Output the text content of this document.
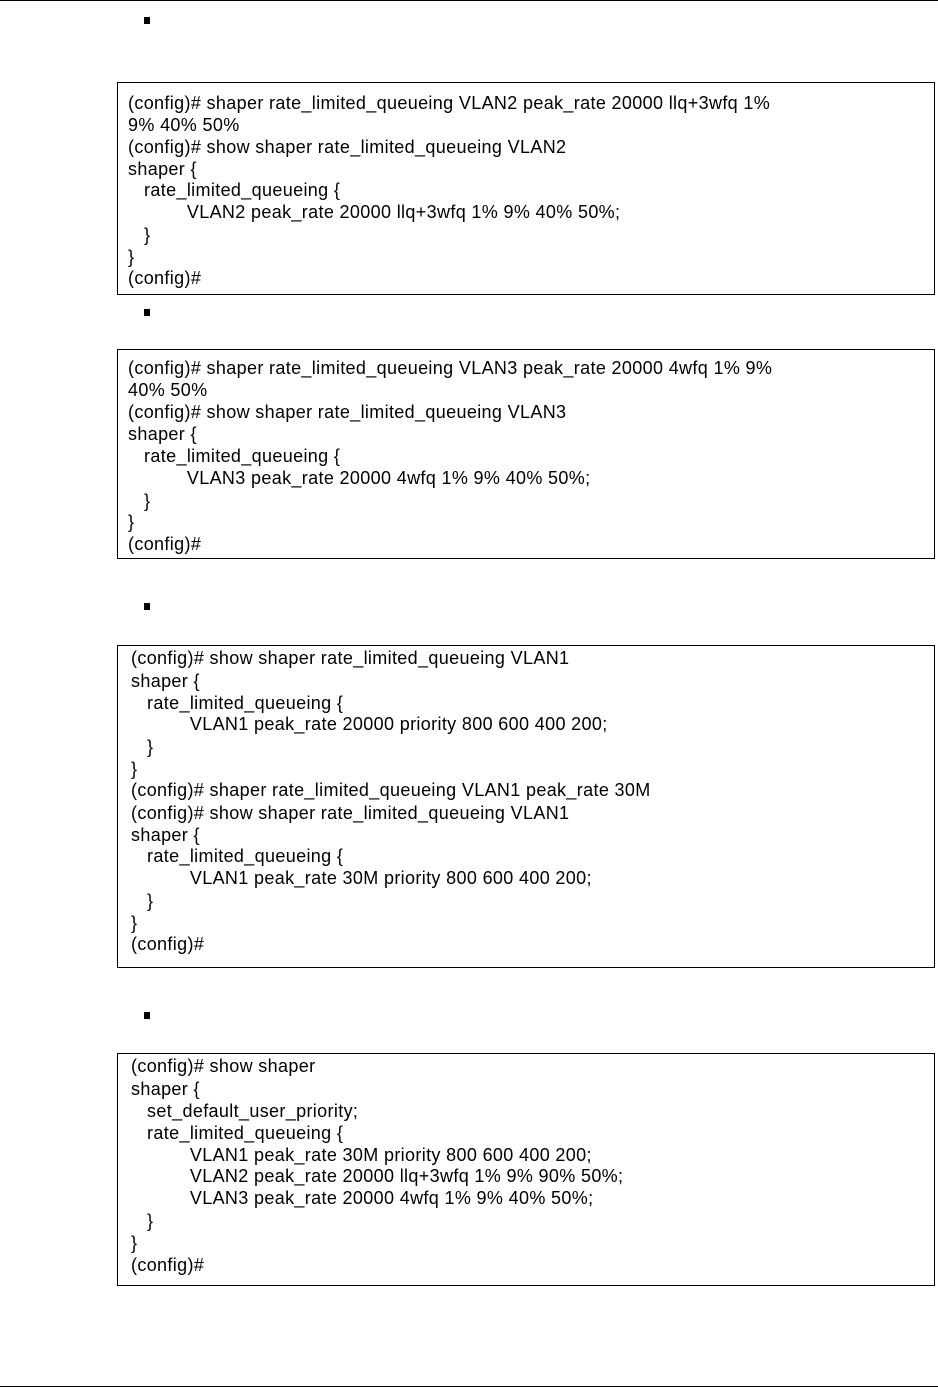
(config)# shaper rate_limited_queueing VLAN2 peak_rate 20000 llq+3wfq 1%
9% 40% 50%
(config)# show shaper rate_limited_queueing VLAN2
shaper {
rate_limited_queueing {
VLAN2 peak_rate 20000 llq+3wfq 1% 9% 40% 50%;
}
}
(config)#
(config)# shaper rate_limited_queueing VLAN3 peak_rate 20000 4wfq 1% 9%
40% 50%
(config)# show shaper rate_limited_queueing VLAN3
shaper {
rate_limited_queueing {
VLAN3 peak_rate 20000 4wfq 1% 9% 40% 50%;
}
}
(config)#
(config)# show shaper rate_limited_queueing VLAN1
shaper {
rate_limited_queueing {
VLAN1 peak_rate 20000 priority 800 600 400 200;
}
}
(config)# shaper rate_limited_queueing VLAN1 peak_rate 30M
(config)# show shaper rate_limited_queueing VLAN1
shaper {
rate_limited_queueing {
VLAN1 peak_rate 30M priority 800 600 400 200;
}
}
(config)#
(config)# show shaper
shaper {
set_default_user_priority;
rate_limited_queueing {
VLAN1 peak_rate 30M priority 800 600 400 200;
VLAN2 peak_rate 20000 llq+3wfq 1% 9% 90% 50%;
VLAN3 peak_rate 20000 4wfq 1% 9% 40% 50%;
}
}
(config)#
